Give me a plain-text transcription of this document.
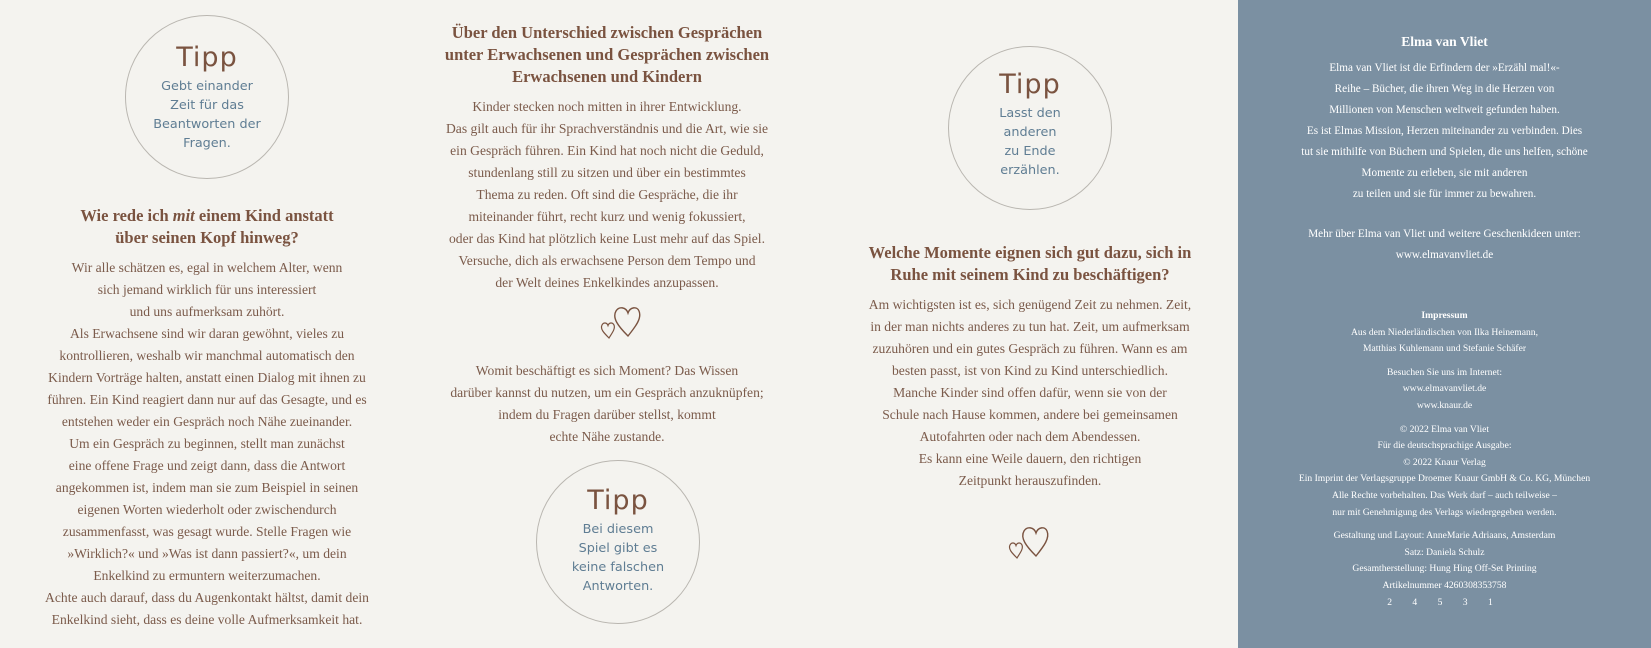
Tipp
Gebt einander
Zeit für das
Beantworten der
Fragen.

Wie rede ich mit einem Kind anstatt
über seinen Kopf hinweg?

Wir alle schätzen es, egal in welchem Alter, wenn
sich jemand wirklich für uns interessiert
und uns aufmerksam zuhört.
Als Erwachsene sind wir daran gewöhnt, vieles zu
kontrollieren, weshalb wir manchmal automatisch den
Kindern Vorträge halten, anstatt einen Dialog mit ihnen zu
führen. Ein Kind reagiert dann nur auf das Gesagte, und es
entstehen weder ein Gespräch noch Nähe zueinander.
Um ein Gespräch zu beginnen, stellt man zunächst
eine offene Frage und zeigt dann, dass die Antwort
angekommen ist, indem man sie zum Beispiel in seinen
eigenen Worten wiederholt oder zwischendurch
zusammenfasst, was gesagt wurde. Stelle Fragen wie
»Wirklich?« und »Was ist dann passiert?«, um dein
Enkelkind zu ermuntern weiterzumachen.
Achte auch darauf, dass du Augenkontakt hältst, damit dein
Enkelkind sieht, dass es deine volle Aufmerksamkeit hat.

Über den Unterschied zwischen Gesprächen
unter Erwachsenen und Gesprächen zwischen
Erwachsenen und Kindern

Kinder stecken noch mitten in ihrer Entwicklung.
Das gilt auch für ihr Sprachverständnis und die Art, wie sie
ein Gespräch führen. Ein Kind hat noch nicht die Geduld,
stundenlang still zu sitzen und über ein bestimmtes
Thema zu reden. Oft sind die Gespräche, die ihr
miteinander führt, recht kurz und wenig fokussiert,
oder das Kind hat plötzlich keine Lust mehr auf das Spiel.
Versuche, dich als erwachsene Person dem Tempo und
der Welt deines Enkelkindes anzupassen.
Womit beschäftigt es sich Moment? Das Wissen
darüber kannst du nutzen, um ein Gespräch anzuknüpfen;
indem du Fragen darüber stellst, kommt
echte Nähe zustande.
Tipp
Bei diesem
Spiel gibt es
keine falschen
Antworten.
Tipp
Lasst den
anderen
zu Ende
erzählen.

Welche Momente eignen sich gut dazu, sich in
Ruhe mit seinem Kind zu beschäftigen?

Am wichtigsten ist es, sich genügend Zeit zu nehmen. Zeit,
in der man nichts anderes zu tun hat. Zeit, um aufmerksam
zuzuhören und ein gutes Gespräch zu führen. Wann es am
besten passt, ist von Kind zu Kind unterschiedlich.
Manche Kinder sind offen dafür, wenn sie von der
Schule nach Hause kommen, andere bei gemeinsamen
Autofahrten oder nach dem Abendessen.
Es kann eine Weile dauern, den richtigen
Zeitpunkt herauszufinden.

Elma van Vliet

Elma van Vliet ist die Erfindern der »Erzähl mal!«-
Reihe – Bücher, die ihren Weg in die Herzen von
Millionen von Menschen weltweit gefunden haben.
Es ist Elmas Mission, Herzen miteinander zu verbinden. Dies
tut sie mithilfe von Büchern und Spielen, die uns helfen, schöne
Momente zu erleben, sie mit anderen
zu teilen und sie für immer zu bewahren.
Mehr über Elma van Vliet und weitere Geschenkideen unter:
www.elmavanvliet.de

Impressum

Aus dem Niederländischen von Ilka Heinemann,

Matthias Kuhlemann und Stefanie Schäfer

Besuchen Sie uns im Internet:

www.elmavanvliet.de

www.knaur.de

© 2022 Elma van Vliet

Für die deutschsprachige Ausgabe:

© 2022 Knaur Verlag

Ein Imprint der Verlagsgruppe Droemer Knaur GmbH & Co. KG, München

Alle Rechte vorbehalten. Das Werk darf – auch teilweise –

nur mit Genehmigung des Verlags wiedergegeben werden.

Gestaltung und Layout: AnneMarie Adriaans, Amsterdam

Satz: Daniela Schulz

Gesamtherstellung: Hung Hing Off-Set Printing

Artikelnummer 4260308353758

2 4 5 3 1
